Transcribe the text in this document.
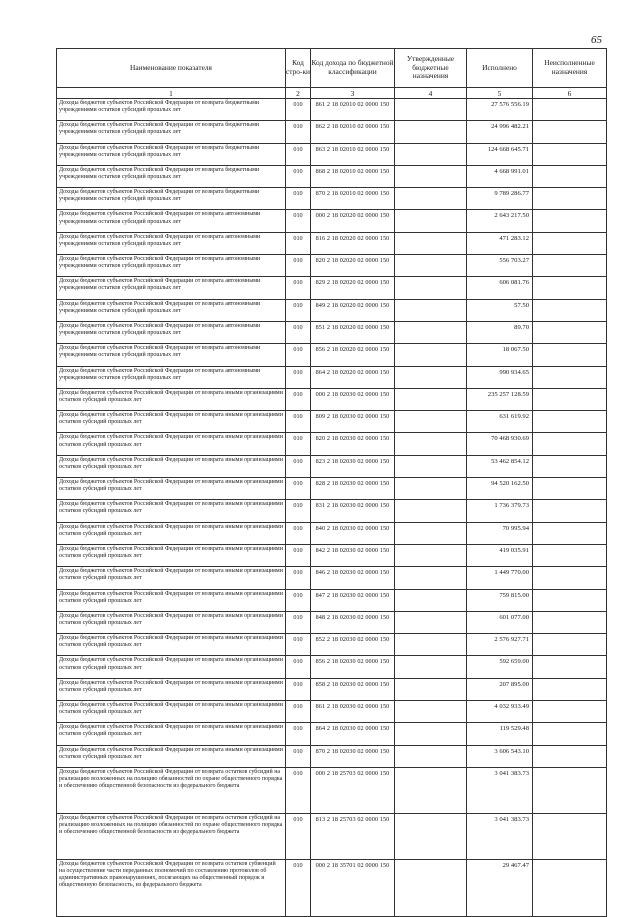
65
Наименование показателя	Код стро-ки	Код дохода по бюджетной классификации	Утвержденные бюджетные назначения	Исполнено	Неисполненные назначения
1	2	3	4	5	6
Доходы бюджетов субъектов Российской Федерации от возврата бюджетными учреждениями остатков субсидий прошлых лет	010	861 2 18 02010 02 0000 150		27 576 556.19	
Доходы бюджетов субъектов Российской Федерации от возврата бюджетными учреждениями остатков субсидий прошлых лет	010	862 2 18 02010 02 0000 150		24 996 482.21	
Доходы бюджетов субъектов Российской Федерации от возврата бюджетными учреждениями остатков субсидий прошлых лет	010	863 2 18 02010 02 0000 150		124 668 645.71	
Доходы бюджетов субъектов Российской Федерации от возврата бюджетными учреждениями остатков субсидий прошлых лет	010	868 2 18 02010 02 0000 150		4 668 991.01	
Доходы бюджетов субъектов Российской Федерации от возврата бюджетными учреждениями остатков субсидий прошлых лет	010	870 2 18 02010 02 0000 150		9 789 286.77	
Доходы бюджетов субъектов Российской Федерации от возврата автономными учреждениями остатков субсидий прошлых лет	010	000 2 18 02020 02 0000 150		2 643 217.50	
Доходы бюджетов субъектов Российской Федерации от возврата автономными учреждениями остатков субсидий прошлых лет	010	816 2 18 02020 02 0000 150		471 283.12	
Доходы бюджетов субъектов Российской Федерации от возврата автономными учреждениями остатков субсидий прошлых лет	010	820 2 18 02020 02 0000 150		556 703.27	
Доходы бюджетов субъектов Российской Федерации от возврата автономными учреждениями остатков субсидий прошлых лет	010	829 2 18 02020 02 0000 150		606 081.76	
Доходы бюджетов субъектов Российской Федерации от возврата автономными учреждениями остатков субсидий прошлых лет	010	849 2 18 02020 02 0000 150		57.50	
Доходы бюджетов субъектов Российской Федерации от возврата автономными учреждениями остатков субсидий прошлых лет	010	851 2 18 02020 02 0000 150		89.70	
Доходы бюджетов субъектов Российской Федерации от возврата автономными учреждениями остатков субсидий прошлых лет	010	856 2 18 02020 02 0000 150		18 067.50	
Доходы бюджетов субъектов Российской Федерации от возврата автономными учреждениями остатков субсидий прошлых лет	010	864 2 18 02020 02 0000 150		990 934.65	
Доходы бюджетов субъектов Российской Федерации от возврата иными организациями остатков субсидий прошлых лет	010	000 2 18 02030 02 0000 150		235 257 128.59	
Доходы бюджетов субъектов Российской Федерации от возврата иными организациями остатков субсидий прошлых лет	010	809 2 18 02030 02 0000 150		631 619.92	
Доходы бюджетов субъектов Российской Федерации от возврата иными организациями остатков субсидий прошлых лет	010	820 2 18 02030 02 0000 150		70 468 930.69	
Доходы бюджетов субъектов Российской Федерации от возврата иными организациями остатков субсидий прошлых лет	010	823 2 18 02030 02 0000 150		53 462 854.12	
Доходы бюджетов субъектов Российской Федерации от возврата иными организациями остатков субсидий прошлых лет	010	828 2 18 02030 02 0000 150		94 520 162.50	
Доходы бюджетов субъектов Российской Федерации от возврата иными организациями остатков субсидий прошлых лет	010	831 2 18 02030 02 0000 150		1 736 379.73	
Доходы бюджетов субъектов Российской Федерации от возврата иными организациями остатков субсидий прошлых лет	010	840 2 18 02030 02 0000 150		70 995.94	
Доходы бюджетов субъектов Российской Федерации от возврата иными организациями остатков субсидий прошлых лет	010	842 2 18 02030 02 0000 150		419 035.91	
Доходы бюджетов субъектов Российской Федерации от возврата иными организациями остатков субсидий прошлых лет	010	846 2 18 02030 02 0000 150		1 449 770.00	
Доходы бюджетов субъектов Российской Федерации от возврата иными организациями остатков субсидий прошлых лет	010	847 2 18 02030 02 0000 150		759 815.00	
Доходы бюджетов субъектов Российской Федерации от возврата иными организациями остатков субсидий прошлых лет	010	848 2 18 02030 02 0000 150		601 077.00	
Доходы бюджетов субъектов Российской Федерации от возврата иными организациями остатков субсидий прошлых лет	010	852 2 18 02030 02 0000 150		2 576 927.71	
Доходы бюджетов субъектов Российской Федерации от возврата иными организациями остатков субсидий прошлых лет	010	856 2 18 02030 02 0000 150		592 659.00	
Доходы бюджетов субъектов Российской Федерации от возврата иными организациями остатков субсидий прошлых лет	010	858 2 18 02030 02 0000 150		207 895.00	
Доходы бюджетов субъектов Российской Федерации от возврата иными организациями остатков субсидий прошлых лет	010	861 2 18 02030 02 0000 150		4 032 933.49	
Доходы бюджетов субъектов Российской Федерации от возврата иными организациями остатков субсидий прошлых лет	010	864 2 18 02030 02 0000 150		119 529.48	
Доходы бюджетов субъектов Российской Федерации от возврата иными организациями остатков субсидий прошлых лет	010	870 2 18 02030 02 0000 150		3 606 543.10	
Доходы бюджетов субъектов Российской Федерации от возврата остатков субсидий на реализацию возложенных на полицию обязанностей по охране общественного порядка и обеспечению общественной безопасности из федерального бюджета	010	000 2 18 25703 02 0000 150		3 041 383.73	
Доходы бюджетов субъектов Российской Федерации от возврата остатков субсидий на реализацию возложенных на полицию обязанностей по охране общественного порядка и обеспечению общественной безопасности из федерального бюджета	010	813 2 18 25703 02 0000 150		3 041 383.73	
Доходы бюджетов субъектов Российской Федерации от возврата остатков субвенций на осуществление части переданных полномочий по составлению протоколов об административных правонарушениях, посягающих на общественный порядок и общественную безопасность, из федерального бюджета	010	000 2 18 35701 02 0000 150		29 467.47	
